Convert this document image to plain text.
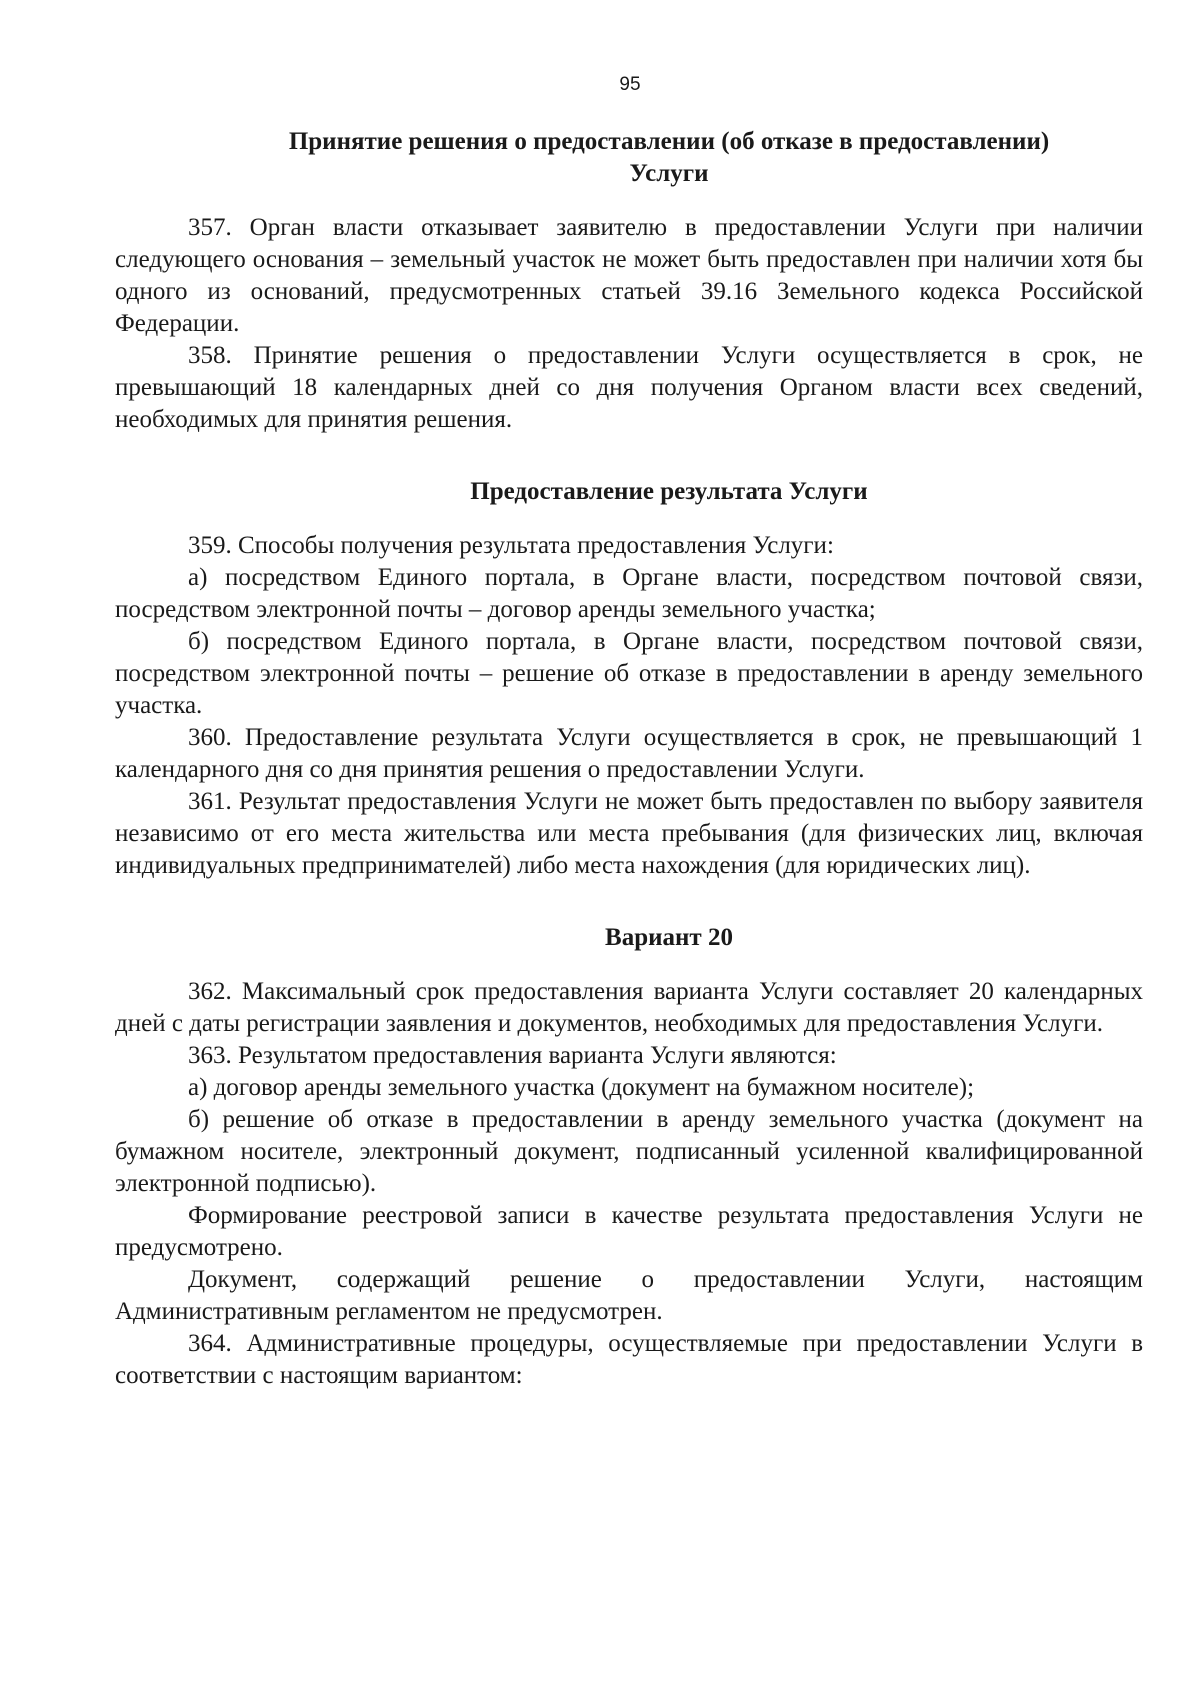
95
Принятие решения о предоставлении (об отказе в предоставлении)
Услуги

357. Орган власти отказывает заявителю в предоставлении Услуги при наличии следующего основания – земельный участок не может быть предоставлен при наличии хотя бы одного из оснований, предусмотренных статьей 39.16 Земельного кодекса Российской Федерации.

358. Принятие решения о предоставлении Услуги осуществляется в срок, не превышающий 18 календарных дней со дня получения Органом власти всех сведений, необходимых для принятия решения.

Предоставление результата Услуги

359. Способы получения результата предоставления Услуги:

а) посредством Единого портала, в Органе власти, посредством почтовой связи, посредством электронной почты – договор аренды земельного участка;

б) посредством Единого портала, в Органе власти, посредством почтовой связи, посредством электронной почты – решение об отказе в предоставлении в аренду земельного участка.

360. Предоставление результата Услуги осуществляется в срок, не превышающий 1 календарного дня со дня принятия решения о предоставлении Услуги.

361. Результат предоставления Услуги не может быть предоставлен по выбору заявителя независимо от его места жительства или места пребывания (для физических лиц, включая индивидуальных предпринимателей) либо места нахождения (для юридических лиц).

Вариант 20

362. Максимальный срок предоставления варианта Услуги составляет 20 календарных дней с даты регистрации заявления и документов, необходимых для предоставления Услуги.

363. Результатом предоставления варианта Услуги являются:

а) договор аренды земельного участка (документ на бумажном носителе);

б) решение об отказе в предоставлении в аренду земельного участка (документ на бумажном носителе, электронный документ, подписанный усиленной квалифицированной электронной подписью).

Формирование реестровой записи в качестве результата предоставления Услуги не предусмотрено.

Документ, содержащий решение о предоставлении Услуги, настоящим Административным регламентом не предусмотрен.

364. Административные процедуры, осуществляемые при предоставлении Услуги в соответствии с настоящим вариантом:
